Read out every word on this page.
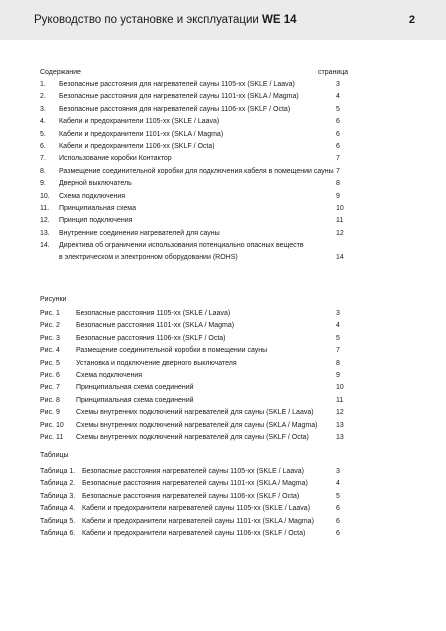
Руководство по установке и эксплуатации WE 14	2
Содержание	страница
1. Безопасные расстояния для нагревателей сауны 1105-xx (SKLE / Laava)	3
2. Безопасные расстояния для нагревателей сауны 1101-xx (SKLA / Magma)	4
3. Безопасные расстояния для нагревателей сауны 1106-xx (SKLF / Octa)	5
4. Кабели и предохранители 1105-xx (SKLE / Laava)	6
5. Кабели и предохранители 1101-xx (SKLA / Magma)	6
6. Кабели и предохранители 1106-xx (SKLF / Octa)	6
7. Использование коробки Контактор	7
8. Размещение соединительной коробки для подключения кабеля в помещении сауны 7
9. Дверной выключатель	8
10. Схема подключения	9
11. Принципиальная схема	10
12. Принцип подключения	11
13. Внутренние соединения нагревателей для сауны	12
14. Директива об ограничении использования потенциально опасных веществ
в электрическом и электронном оборудовании (ROHS)	14
Рисунки
Рис. 1 Безопасные расстояния 1105-xx (SKLE / Laava)	3
Рис. 2 Безопасные расстояния 1101-xx (SKLA / Magma)	4
Рис. 3 Безопасные расстояния 1106-xx (SKLF / Octa)	5
Рис. 4 Размещение соединительной коробки в помещении сауны	7
Рис. 5 Установка и подключение дверного выключателя	8
Рис. 6 Схема подключения	9
Рис. 7 Принципиальная схема соединений	10
Рис. 8 Принципиальная схема соединений	11
Рис. 9 Схемы внутренних подключений нагревателей для сауны (SKLE / Laava)	12
Рис. 10 Схемы внутренних подключений нагревателей для сауны (SKLA / Magma)	13
Рис. 11 Схемы внутренних подключений нагревателей для сауны (SKLF / Octa)	13
Таблицы
Таблица 1. Безопасные расстояния нагревателей сауны 1105-xx (SKLE / Laava)	3
Таблица 2. Безопасные расстояния нагревателей сауны 1101-xx (SKLA / Magma)	4
Таблица 3. Безопасные расстояния нагревателей сауны 1106-xx (SKLF / Octa)	5
Таблица 4. Кабели и предохранители нагревателей сауны 1105-xx (SKLE / Laava)	6
Таблица 5. Кабели и предохранители нагревателей сауны 1101-xx (SKLA / Magma)	6
Таблица 6. Кабели и предохранители нагревателей сауны 1106-xx (SKLF / Octa)	6
